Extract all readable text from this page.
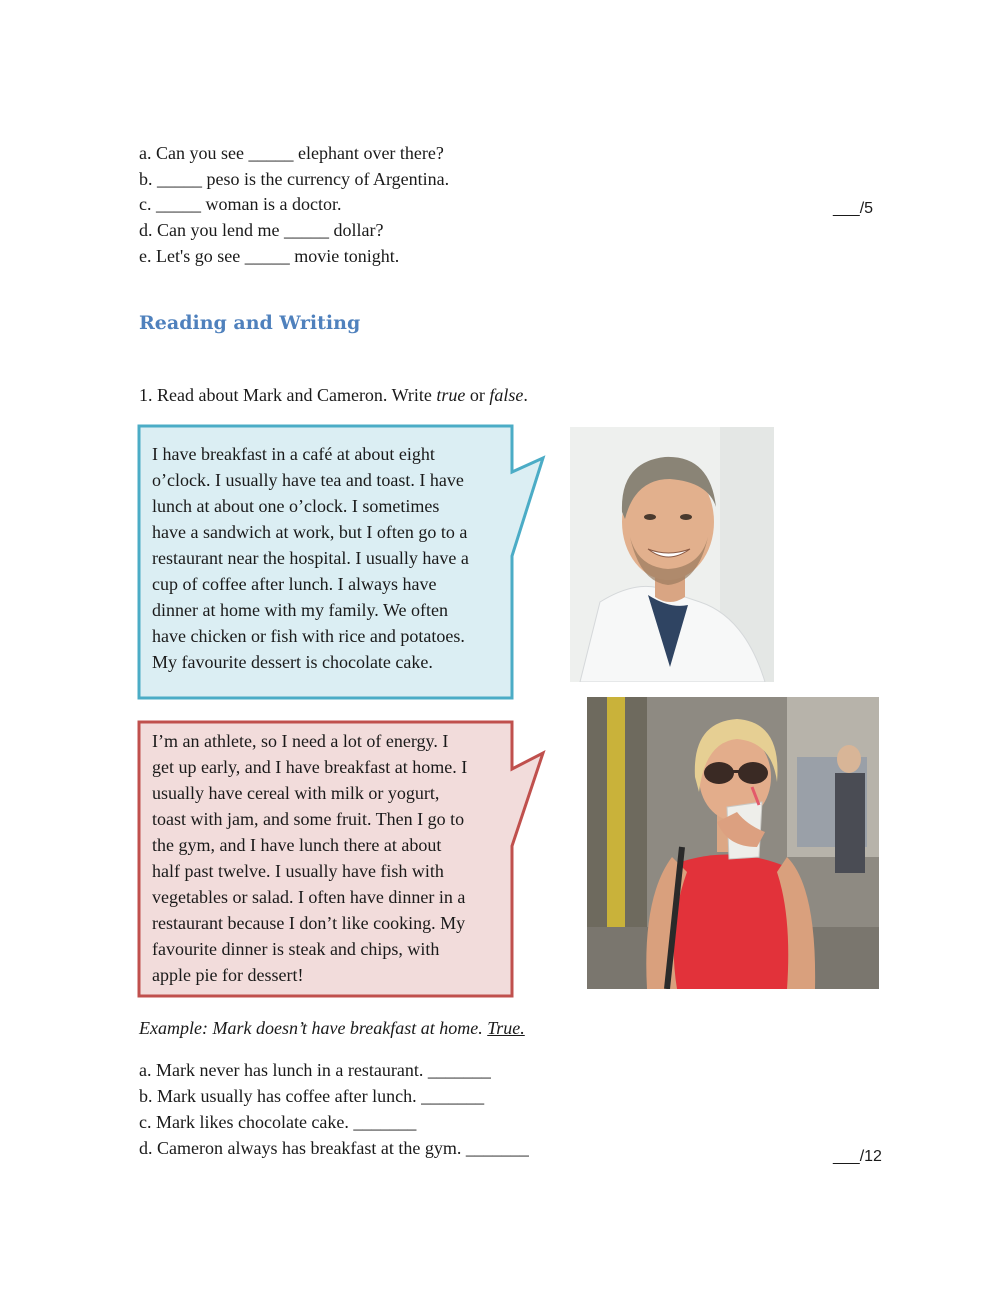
a. Can you see _____ elephant over there?
b. _____ peso is the currency of Argentina.
c. _____ woman is a doctor.
d. Can you lend me _____ dollar?
e. Let's go see _____ movie tonight.
___/5
Reading and Writing
1. Read about Mark and Cameron. Write true or false.
I have breakfast in a café at about eight
o’clock. I usually have tea and toast. I have
lunch at about one o’clock. I sometimes
have a sandwich at work, but I often go to a
restaurant near the hospital. I usually have a
cup of coffee after lunch. I always have
dinner at home with my family. We often
have chicken or fish with rice and potatoes.
My favourite dessert is chocolate cake.
I’m an athlete, so I need a lot of energy. I
get up early, and I have breakfast at home. I
usually have cereal with milk or yogurt,
toast with jam, and some fruit. Then I go to
the gym, and I have lunch there at about
half past twelve. I usually have fish with
vegetables or salad. I often have dinner in a
restaurant because I don’t like cooking. My
favourite dinner is steak and chips, with
apple pie for dessert!
Example: Mark doesn’t have breakfast at home. True.
a. Mark never has lunch in a restaurant. _______
b. Mark usually has coffee after lunch. _______
c. Mark likes chocolate cake. _______
d. Cameron always has breakfast at the gym. _______	___/12
